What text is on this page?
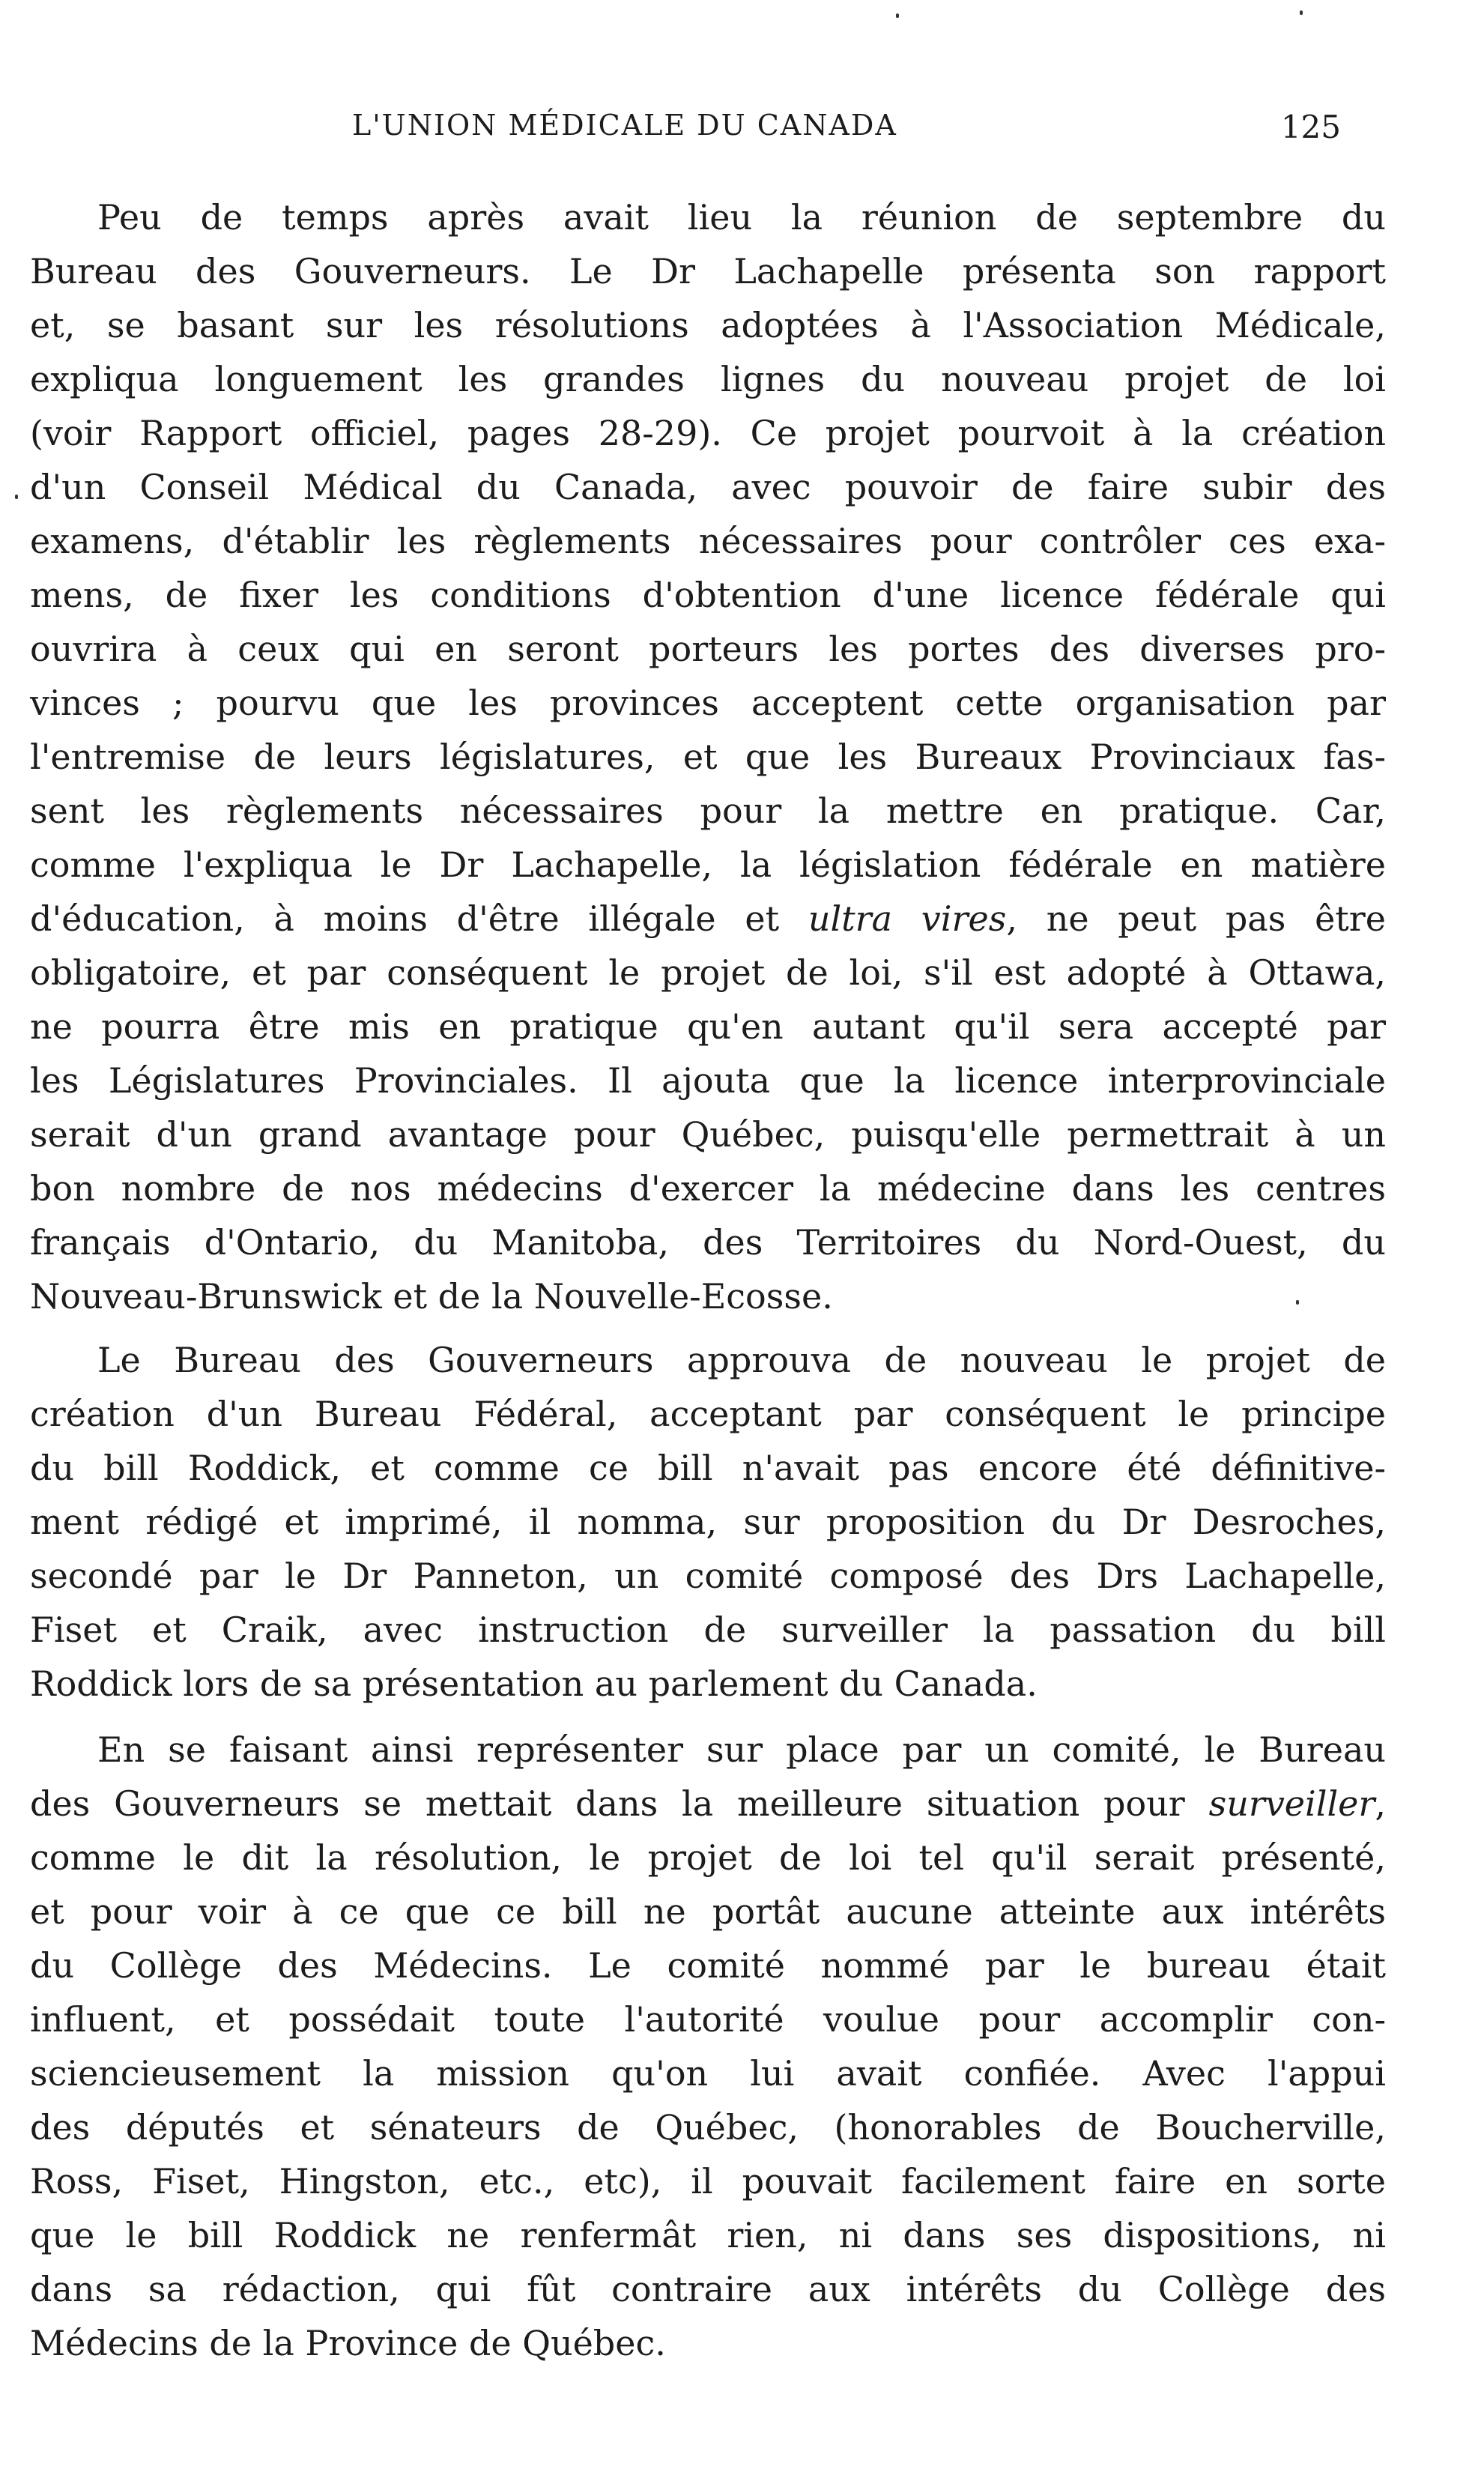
L'UNION MÉDICALE DU CANADA	125
Peu de temps après avait lieu la réunion de septembre du
Bureau des Gouverneurs. Le Dr Lachapelle présenta son rapport
et, se basant sur les résolutions adoptées à l'Association Médicale,
expliqua longuement les grandes lignes du nouveau projet de loi
(voir Rapport officiel, pages 28-29). Ce projet pourvoit à la création
d'un Conseil Médical du Canada, avec pouvoir de faire subir des
examens, d'établir les règlements nécessaires pour contrôler ces exa-
mens, de fixer les conditions d'obtention d'une licence fédérale qui
ouvrira à ceux qui en seront porteurs les portes des diverses pro-
vinces ; pourvu que les provinces acceptent cette organisation par
l'entremise de leurs législatures, et que les Bureaux Provinciaux fas-
sent les règlements nécessaires pour la mettre en pratique. Car,
comme l'expliqua le Dr Lachapelle, la législation fédérale en matière
d'éducation, à moins d'être illégale et ultra vires, ne peut pas être
obligatoire, et par conséquent le projet de loi, s'il est adopté à Ottawa,
ne pourra être mis en pratique qu'en autant qu'il sera accepté par
les Législatures Provinciales. Il ajouta que la licence interprovinciale
serait d'un grand avantage pour Québec, puisqu'elle permettrait à un
bon nombre de nos médecins d'exercer la médecine dans les centres
français d'Ontario, du Manitoba, des Territoires du Nord-Ouest, du
Nouveau-Brunswick et de la Nouvelle-Ecosse.
Le Bureau des Gouverneurs approuva de nouveau le projet de
création d'un Bureau Fédéral, acceptant par conséquent le principe
du bill Roddick, et comme ce bill n'avait pas encore été définitive-
ment rédigé et imprimé, il nomma, sur proposition du Dr Desroches,
secondé par le Dr Panneton, un comité composé des Drs Lachapelle,
Fiset et Craik, avec instruction de surveiller la passation du bill
Roddick lors de sa présentation au parlement du Canada.
En se faisant ainsi représenter sur place par un comité, le Bureau
des Gouverneurs se mettait dans la meilleure situation pour surveiller,
comme le dit la résolution, le projet de loi tel qu'il serait présenté,
et pour voir à ce que ce bill ne portât aucune atteinte aux intérêts
du Collège des Médecins. Le comité nommé par le bureau était
influent, et possédait toute l'autorité voulue pour accomplir con-
sciencieusement la mission qu'on lui avait confiée. Avec l'appui
des députés et sénateurs de Québec, (honorables de Boucherville,
Ross, Fiset, Hingston, etc., etc), il pouvait facilement faire en sorte
que le bill Roddick ne renfermât rien, ni dans ses dispositions, ni
dans sa rédaction, qui fût contraire aux intérêts du Collège des
Médecins de la Province de Québec.
